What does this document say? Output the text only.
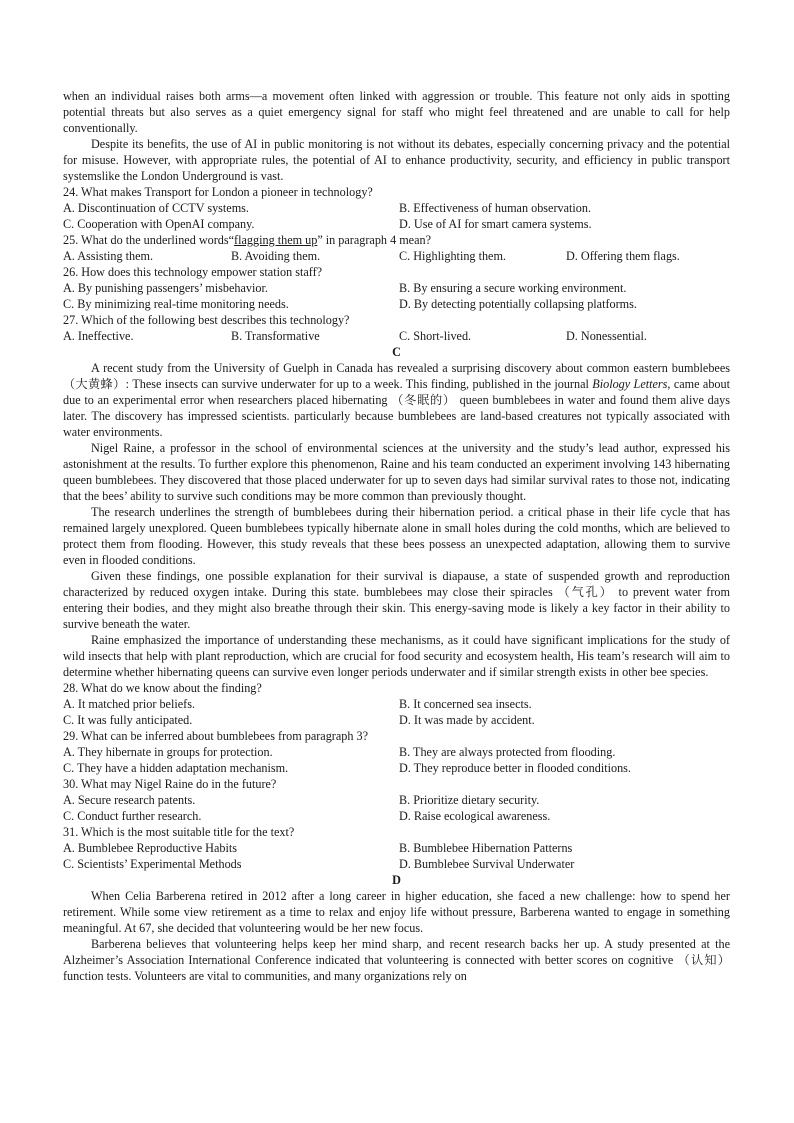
when an individual raises both arms—a movement often linked with aggression or trouble. This feature not only aids in spotting potential threats but also serves as a quiet emergency signal for staff who might feel threatened and are unable to call for help conventionally.

Despite its benefits, the use of AI in public monitoring is not without its debates, especially concerning privacy and the potential for misuse. However, with appropriate rules, the potential of AI to enhance productivity, security, and efficiency in public transport systemslike the London Underground is vast.

24. What makes Transport for London a pioneer in technology?

A. Discontinuation of CCTV systems.	B. Effectiveness of human observation.
C. Cooperation with OpenAI company.	D. Use of AI for smart camera systems.

25. What do the underlined words“flagging them up” in paragraph 4 mean?

A. Assisting them.	B. Avoiding them.	C. Highlighting them.	D. Offering them flags.

26. How does this technology empower station staff?

A. By punishing passengers’ misbehavior.	B. By ensuring a secure working environment.
C. By minimizing real-time monitoring needs.	D. By detecting potentially collapsing platforms.

27. Which of the following best describes this technology?

A. Ineffective.	B. Transformative	C. Short-lived.	D. Nonessential.

C

A recent study from the University of Guelph in Canada has revealed a surprising discovery about common eastern bumblebees （大黄蜂）: These insects can survive underwater for up to a week. This finding, published in the journal Biology Letters, came about due to an experimental error when researchers placed hibernating （冬眠的） queen bumblebees in water and found them alive days later. The discovery has impressed scientists. particularly because bumblebees are land-based creatures not typically associated with water environments.

Nigel Raine, a professor in the school of environmental sciences at the university and the study’s lead author, expressed his astonishment at the results. To further explore this phenomenon, Raine and his team conducted an experiment involving 143 hibernating queen bumblebees. They discovered that those placed underwater for up to seven days had similar survival rates to those not, indicating that the bees’ ability to survive such conditions may be more common than previously thought.

The research underlines the strength of bumblebees during their hibernation period. a critical phase in their life cycle that has remained largely unexplored. Queen bumblebees typically hibernate alone in small holes during the cold months, which are believed to protect them from flooding. However, this study reveals that these bees possess an unexpected adaptation, allowing them to survive even in flooded conditions.

Given these findings, one possible explanation for their survival is diapause, a state of suspended growth and reproduction characterized by reduced oxygen intake. During this state. bumblebees may close their spiracles （气孔） to prevent water from entering their bodies, and they might also breathe through their skin. This energy-saving mode is likely a key factor in their ability to survive beneath the water.

Raine emphasized the importance of understanding these mechanisms, as it could have significant implications for the study of wild insects that help with plant reproduction, which are crucial for food security and ecosystem health, His team’s research will aim to determine whether hibernating queens can survive even longer periods underwater and if similar strength exists in other bee species.

28. What do we know about the finding?

A. It matched prior beliefs.	B. It concerned sea insects.
C. It was fully anticipated.	D. It was made by accident.

29. What can be inferred about bumblebees from paragraph 3?

A. They hibernate in groups for protection.	B. They are always protected from flooding.
C. They have a hidden adaptation mechanism.	D. They reproduce better in flooded conditions.

30. What may Nigel Raine do in the future?

A. Secure research patents.	B. Prioritize dietary security.
C. Conduct further research.	D. Raise ecological awareness.

31. Which is the most suitable title for the text?

A. Bumblebee Reproductive Habits	B. Bumblebee Hibernation Patterns
C. Scientists’ Experimental Methods	D. Bumblebee Survival Underwater

D

When Celia Barberena retired in 2012 after a long career in higher education, she faced a new challenge: how to spend her retirement. While some view retirement as a time to relax and enjoy life without pressure, Barberena wanted to engage in something meaningful. At 67, she decided that volunteering would be her new focus.

Barberena believes that volunteering helps keep her mind sharp, and recent research backs her up. A study presented at the Alzheimer’s Association International Conference indicated that volunteering is connected with better scores on cognitive （认知） function tests. Volunteers are vital to communities, and many organizations rely on
